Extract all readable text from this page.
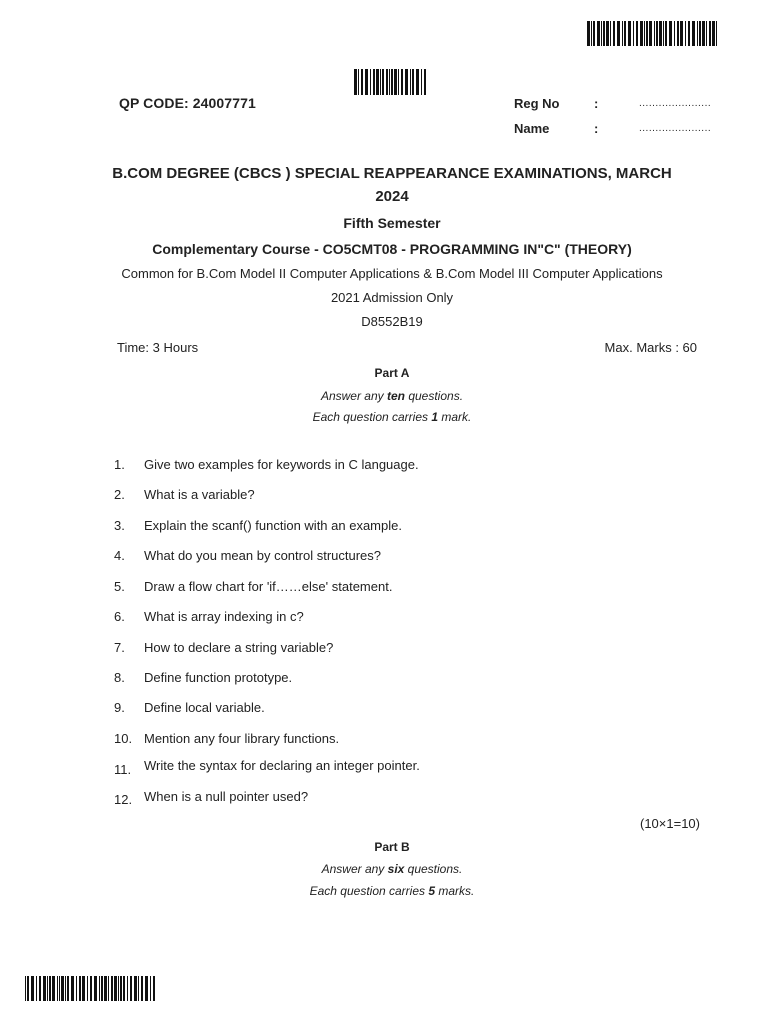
QP CODE: 24007771	Reg No	:	......................
Name	:	......................
B.COM DEGREE (CBCS ) SPECIAL REAPPEARANCE EXAMINATIONS, MARCH 2024
Fifth Semester
Complementary Course - CO5CMT08 - PROGRAMMING IN"C" (THEORY)
Common for B.Com Model II Computer Applications & B.Com Model III Computer Applications
2021 Admission Only
D8552B19
Time: 3 Hours	Max. Marks : 60
Part A
Answer any ten questions.
Each question carries 1 mark.
1. Give two examples for keywords in C language.
2. What is a variable?
3. Explain the scanf() function with an example.
4. What do you mean by control structures?
5. Draw a flow chart for 'if……else' statement.
6. What is array indexing in c?
7. How to declare a string variable?
8. Define function prototype.
9. Define local variable.
10. Mention any four library functions.
11. Write the syntax for declaring an integer pointer.
12. When is a null pointer used?
(10×1=10)
Part B
Answer any six questions.
Each question carries 5 marks.
